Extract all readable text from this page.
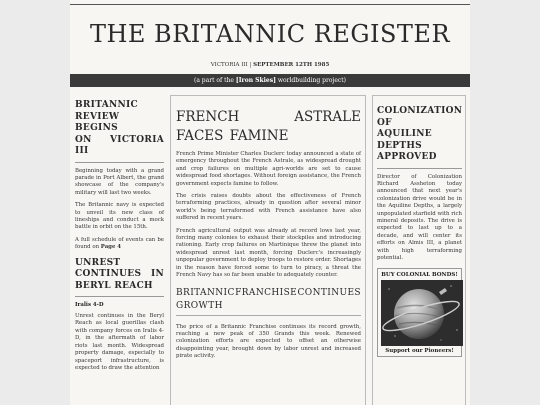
THE BRITANNIC REGISTER
VICTORIA III | SEPTEMBER 12TH 1985
(a part of the [Iron Skies] worldbuilding project)
BRITANNIC
REVIEW BEGINS
ON VICTORIA III

Beginning today with a grand parade in Port Albert, the grand showcase of the company's military will last two weeks.

The Britannic navy is expected to unveil its new class of lineships and conduct a mock battle in orbit on the 15th.

A full schedule of events can be found on Page 4

UNREST
CONTINUES IN
BERYL REACH

Iralis 4-D

Unrest continues in the Beryl Reach as local guerillas clash with company forces on Iralis 4-D, in the aftermath of labor riots last month. Widespread property damage, especially to spaceport infrastructure, is expected to draw the attention

FRENCH	ASTRALE
FACES FAMINE

French Prime Minister Charles Duclerc today announced a state of emergency throughout the French Astrale, as widespread drought and crop failures on multiple agri-worlds are set to cause widespread food shortages. Without foreign assistance, the French government expects famine to follow.

The crisis raises doubts about the effectiveness of French terraforming practices, already in question after several minor world's being terraformed with French assistance have also suffered in recent years.

French agricultural output was already at record lows last year, forcing many colonies to exhaust their stockpiles and introducing rationing. Early crop failures on Martinique threw the planet into widespread unrest last month, forcing Duclerc's increasingly unpopular government to deploy troops to restore order. Shortages in the reason have forced some to turn to piracy, a threat the French Navy has so far been unable to adequately counter.

BRITANNIC FRANCHISE CONTINUES
GROWTH

The price of a Britannic Franchise continues its record growth, reaching a new peak of 350 Grands this week. Renewed colonization efforts are expected to offset an otherwise disappointing year, brought down by labor unrest and increased pirate activity.

COLONIZATION OF
AQUILINE DEPTHS
APPROVED

Director of Colonization Richard Assheton today announced that next year's colonization drive would be in the Aquiline Depths, a largely unpopulated starfield with rich mineral deposits. The drive is expected to last up to a decade, and will center its efforts on Almis III, a planet with high terraforming potential.

BUY COLONIAL BONDS!
Support our Pioneers!
